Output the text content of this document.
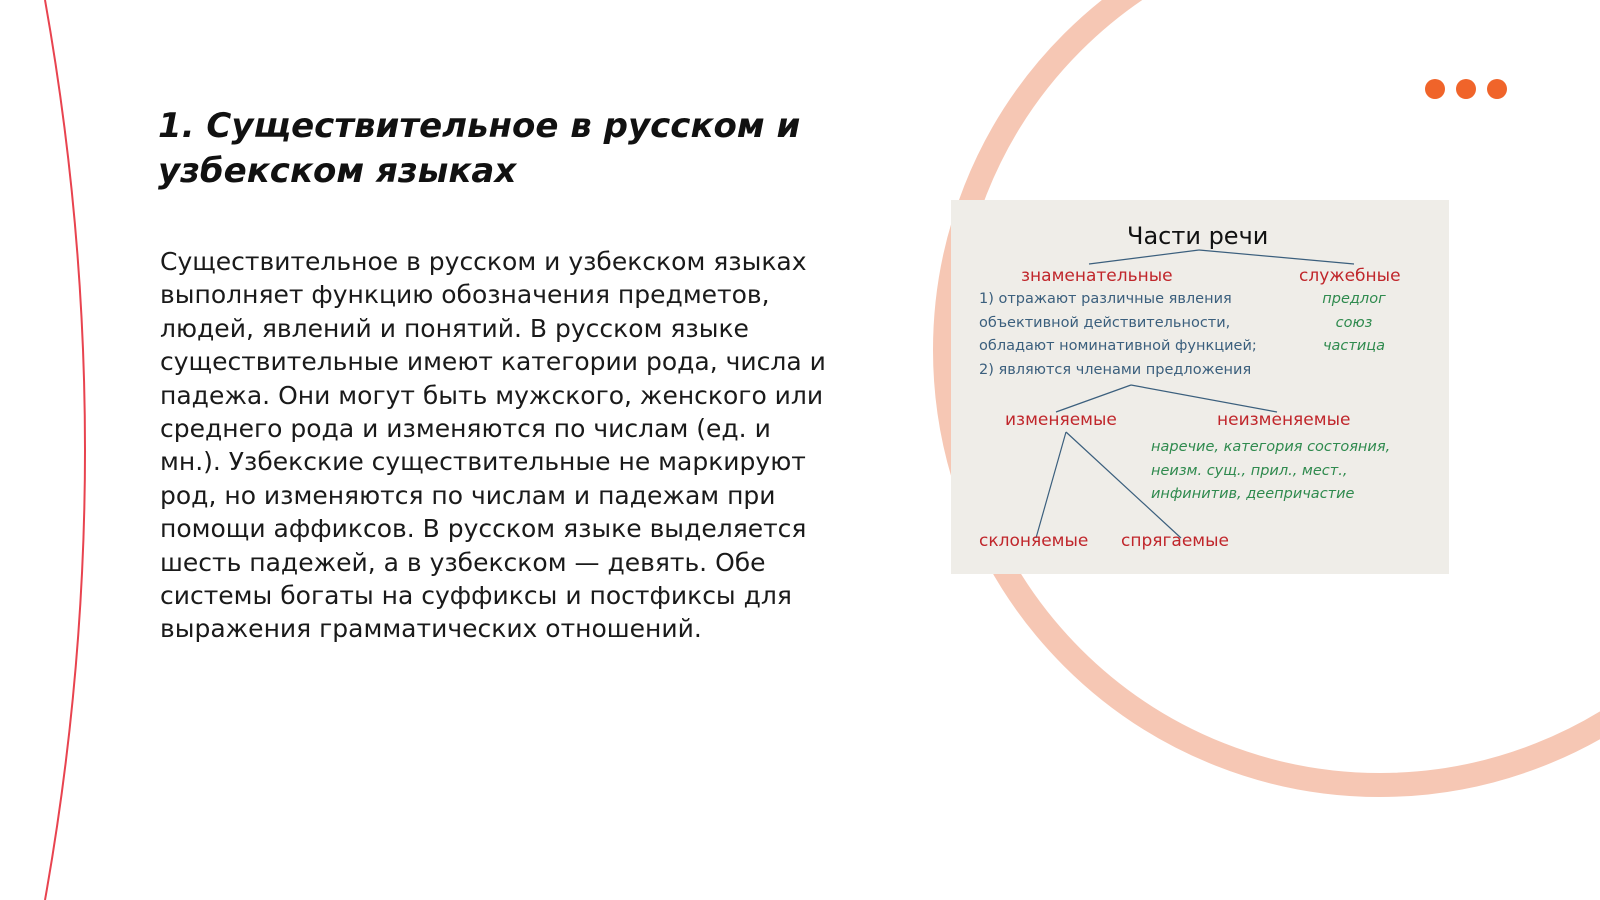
1. Существительное в русском и узбекском языках

Существительное в русском и узбекском языках выполняет функцию обозначения предметов, людей, явлений и понятий. В русском языке существительные имеют категории рода, числа и падежа. Они могут быть мужского, женского или среднего рода и изменяются по числам (ед. и мн.). Узбекские существительные не маркируют род, но изменяются по числам и падежам при помощи аффиксов. В русском языке выделяется шесть падежей, а в узбекском — девять. Обе системы богаты на суффиксы и постфиксы для выражения грамматических отношений.

Части речи
знаменательные	служебные
1) отражают различные явления
объективной действительности,
обладают номинативной функцией;
2) являются членами предложения
предлог
союз
частица
изменяемые	неизменяемые
наречие, категория состояния,
неизм. сущ., прил., мест.,
инфинитив, деепричастие
склоняемые спрягаемые
